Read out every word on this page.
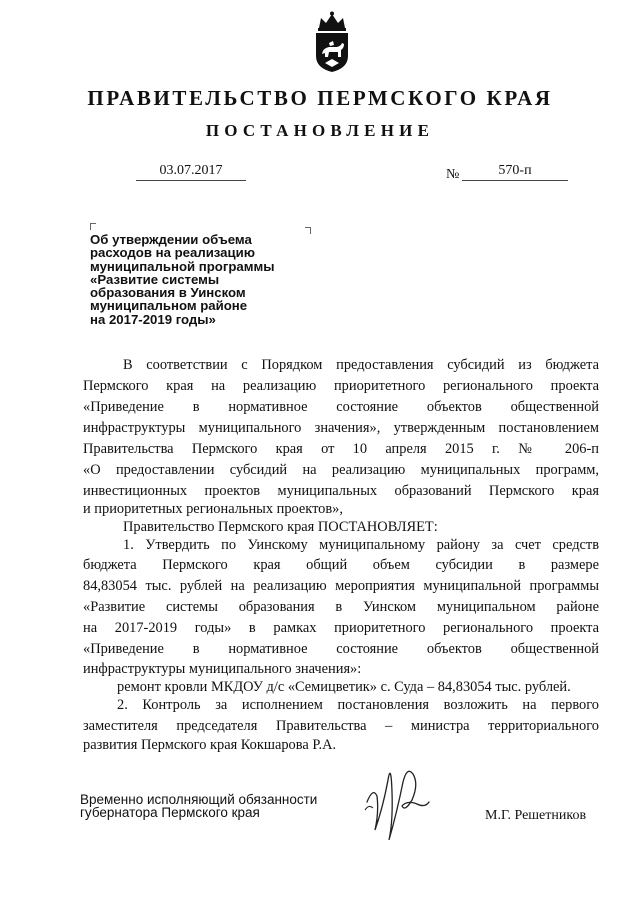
ПРАВИТЕЛЬСТВО ПЕРМСКОГО КРАЯ
ПОСТАНОВЛЕНИЕ
03.07.2017	№	570-п
Об утверждении объема
расходов на реализацию
муниципальной программы
«Развитие системы
образования в Уинском
муниципальном районе
на 2017-2019 годы»
В соответствии с Порядком предоставления субсидий из бюджета
Пермского края на реализацию приоритетного регионального проекта
«Приведение в нормативное состояние объектов общественной
инфраструктуры муниципального значения», утвержденным постановлением
Правительства Пермского края от 10 апреля 2015 г. № 206-п
«О предоставлении субсидий на реализацию муниципальных программ,
инвестиционных проектов муниципальных образований Пермского края
и приоритетных региональных проектов»,
Правительство Пермского края ПОСТАНОВЛЯЕТ:
1. Утвердить по Уинскому муниципальному району за счет средств
бюджета Пермского края общий объем субсидии в размере
84,83054 тыс. рублей на реализацию мероприятия муниципальной программы
«Развитие системы образования в Уинском муниципальном районе
на 2017-2019 годы» в рамках приоритетного регионального проекта
«Приведение в нормативное состояние объектов общественной
инфраструктуры муниципального значения»:
ремонт кровли МКДОУ д/с «Семицветик» с. Суда – 84,83054 тыс. рублей.
2. Контроль за исполнением постановления возложить на первого
заместителя председателя Правительства – министра территориального
развития Пермского края Кокшарова Р.А.
Временно исполняющий обязанности
губернатора Пермского края	М.Г. Решетников
